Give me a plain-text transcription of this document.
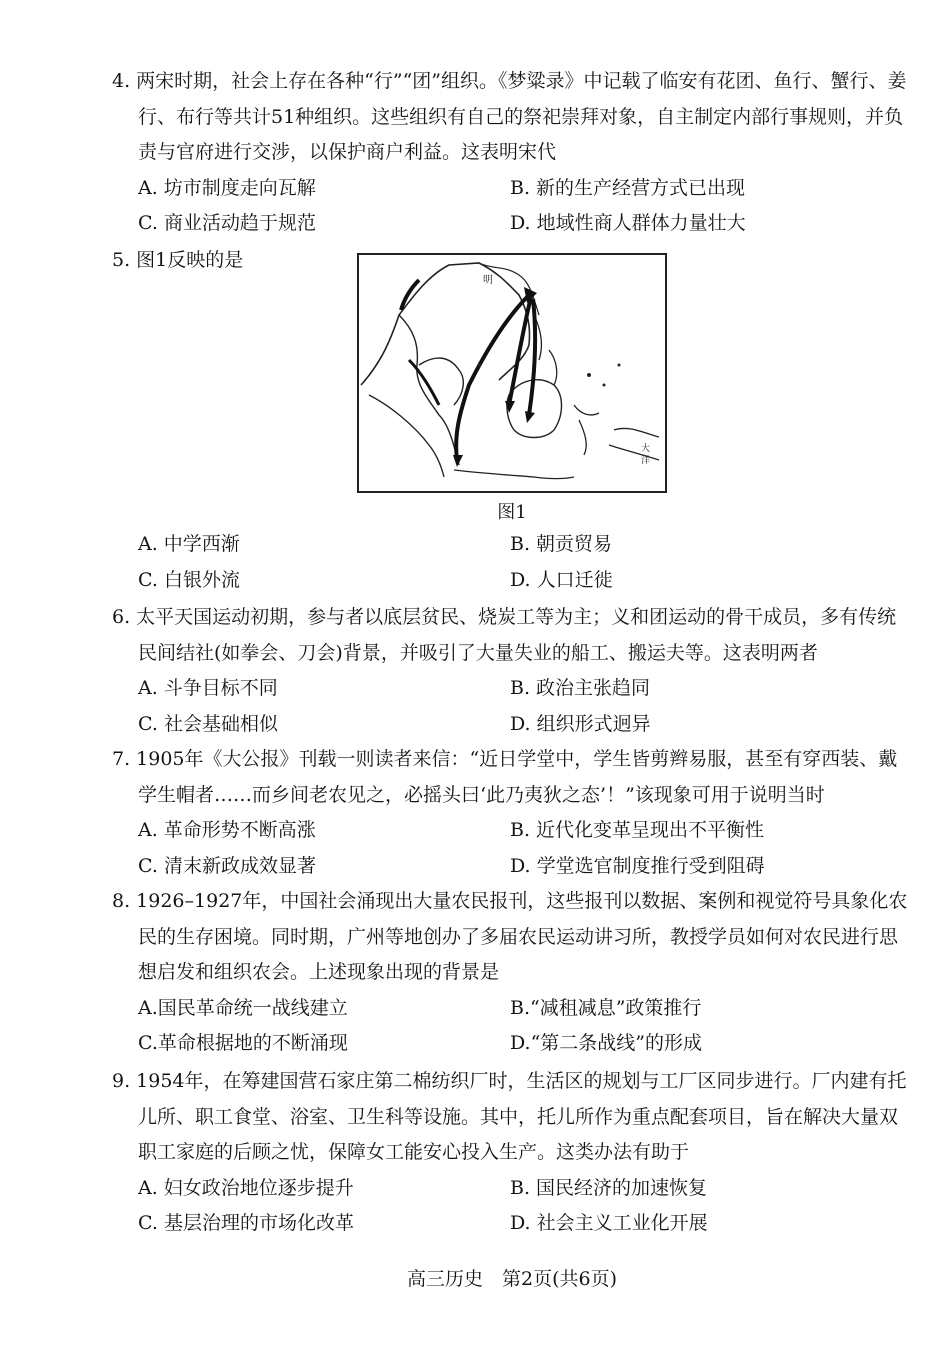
4. 两宋时期，社会上存在各种“行”“团”组织。《梦粱录》中记载了临安有花团、鱼行、蟹行、姜行、布行等共计51种组织。这些组织有自己的祭祀崇拜对象，自主制定内部行事规则，并负责与官府进行交涉，以保护商户利益。这表明宋代
A. 坊市制度走向瓦解	B. 新的生产经营方式已出现
C. 商业活动趋于规范	D. 地域性商人群体力量壮大
5. 图1反映的是
明
大
洋
图1
A. 中学西渐	B. 朝贡贸易
C. 白银外流	D. 人口迁徙
6. 太平天国运动初期，参与者以底层贫民、烧炭工等为主；义和团运动的骨干成员，多有传统民间结社(如拳会、刀会)背景，并吸引了大量失业的船工、搬运夫等。这表明两者
A. 斗争目标不同	B. 政治主张趋同
C. 社会基础相似	D. 组织形式迥异
7. 1905年《大公报》刊载一则读者来信：“近日学堂中，学生皆剪辫易服，甚至有穿西装、戴学生帽者……而乡间老农见之，必摇头曰‘此乃夷狄之态’！”该现象可用于说明当时
A. 革命形势不断高涨	B. 近代化变革呈现出不平衡性
C. 清末新政成效显著	D. 学堂选官制度推行受到阻碍
8. 1926–1927年，中国社会涌现出大量农民报刊，这些报刊以数据、案例和视觉符号具象化农民的生存困境。同时期，广州等地创办了多届农民运动讲习所，教授学员如何对农民进行思想启发和组织农会。上述现象出现的背景是
A.国民革命统一战线建立	B.“减租减息”政策推行
C.革命根据地的不断涌现	D.“第二条战线”的形成
9. 1954年，在筹建国营石家庄第二棉纺织厂时，生活区的规划与工厂区同步进行。厂内建有托儿所、职工食堂、浴室、卫生科等设施。其中，托儿所作为重点配套项目，旨在解决大量双职工家庭的后顾之忧，保障女工能安心投入生产。这类办法有助于
A. 妇女政治地位逐步提升	B. 国民经济的加速恢复
C. 基层治理的市场化改革	D. 社会主义工业化开展
高三历史　第2页(共6页)
